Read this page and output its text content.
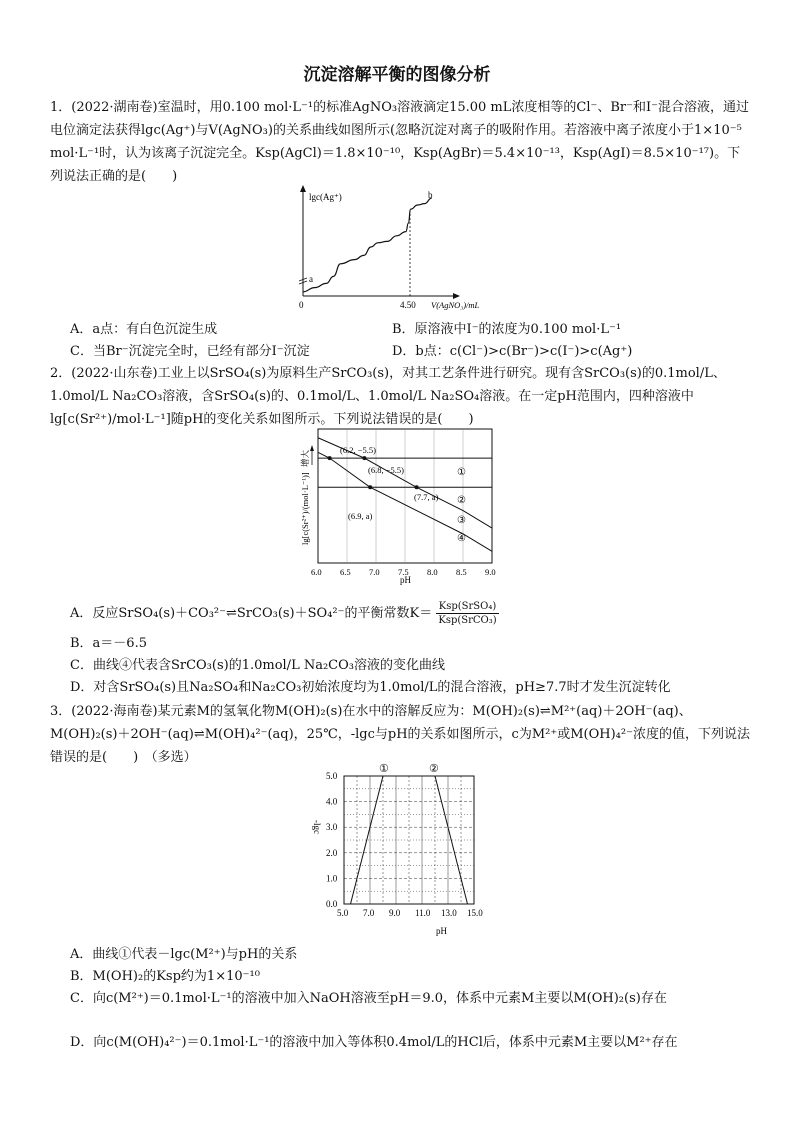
沉淀溶解平衡的图像分析
1．(2022·湖南卷)室温时，用0.100 mol·L⁻¹的标准AgNO₃溶液滴定15.00 mL浓度相等的Cl⁻、Br⁻和I⁻混合溶液，通过电位滴定法获得lgc(Ag⁺)与V(AgNO₃)的关系曲线如图所示(忽略沉淀对离子的吸附作用。若溶液中离子浓度小于1×10⁻⁵ mol·L⁻¹时，认为该离子沉淀完全。Ksp(AgCl)＝1.8×10⁻¹⁰，Ksp(AgBr)＝5.4×10⁻¹³，Ksp(AgI)＝8.5×10⁻¹⁷)。下列说法正确的是(　　)
lgc(Ag⁺)
V(AgNO₃)/mL
0	4.50
a
b
A．a点：有白色沉淀生成	B．原溶液中I⁻的浓度为0.100 mol·L⁻¹
C．当Br⁻沉淀完全时，已经有部分I⁻沉淀	D．b点：c(Cl⁻)>c(Br⁻)>c(I⁻)>c(Ag⁺)
2．(2022·山东卷)工业上以SrSO₄(s)为原料生产SrCO₃(s)，对其工艺条件进行研究。现有含SrCO₃(s)的0.1mol/L、1.0mol/L Na₂CO₃溶液，含SrSO₄(s)的、0.1mol/L、1.0mol/L Na₂SO₄溶液。在一定pH范围内，四种溶液中lg[c(Sr²⁺)/mol·L⁻¹]随pH的变化关系如图所示。下列说法错误的是(　　)
6.0 6.5 7.0 7.5 8.0 8.5 9.0
lg[c(Sr²⁺)/(mol·L⁻¹)]
增大
pH
(6.2, −5.5)
(6.8, −5.5)
(7.7, a)
(6.9, a)
①
②
③
④
A．反应SrSO₄(s)＋CO₃²⁻⇌SrCO₃(s)＋SO₄²⁻的平衡常数$K= \frac{\text{Ksp(SrSO₄)}}{\text{Ksp(SrCO₃)}}$
B．a＝－6.5
C．曲线④代表含SrCO₃(s)的1.0mol/L Na₂CO₃溶液的变化曲线
D．对含SrSO₄(s)且Na₂SO₄和Na₂CO₃初始浓度均为1.0mol/L的混合溶液，pH≥7.7时才发生沉淀转化
3．(2022·海南卷)某元素M的氢氧化物M(OH)₂(s)在水中的溶解反应为：M(OH)₂(s)⇌M²⁺(aq)＋2OH⁻(aq)、M(OH)₂(s)＋2OH⁻(aq)⇌M(OH)₄²⁻(aq)，25℃，-lgc与pH的关系如图所示，c为M²⁺或M(OH)₄²⁻浓度的值，下列说法错误的是(　　)　（多选）
5.0 7.0 9.0 11.0 13.0 15.0
0.0
1.0
2.0
3.0
4.0
5.0
-lgc
pH
①	②
A．曲线①代表－lgc(M²⁺)与pH的关系
B．M(OH)₂的Ksp约为1×10⁻¹⁰
C．向c(M²⁺)＝0.1mol·L⁻¹的溶液中加入NaOH溶液至pH＝9.0，体系中元素M主要以M(OH)₂(s)存在
D．向c(M(OH)₄²⁻)＝0.1mol·L⁻¹的溶液中加入等体积0.4mol/L的HCl后，体系中元素M主要以M²⁺存在
